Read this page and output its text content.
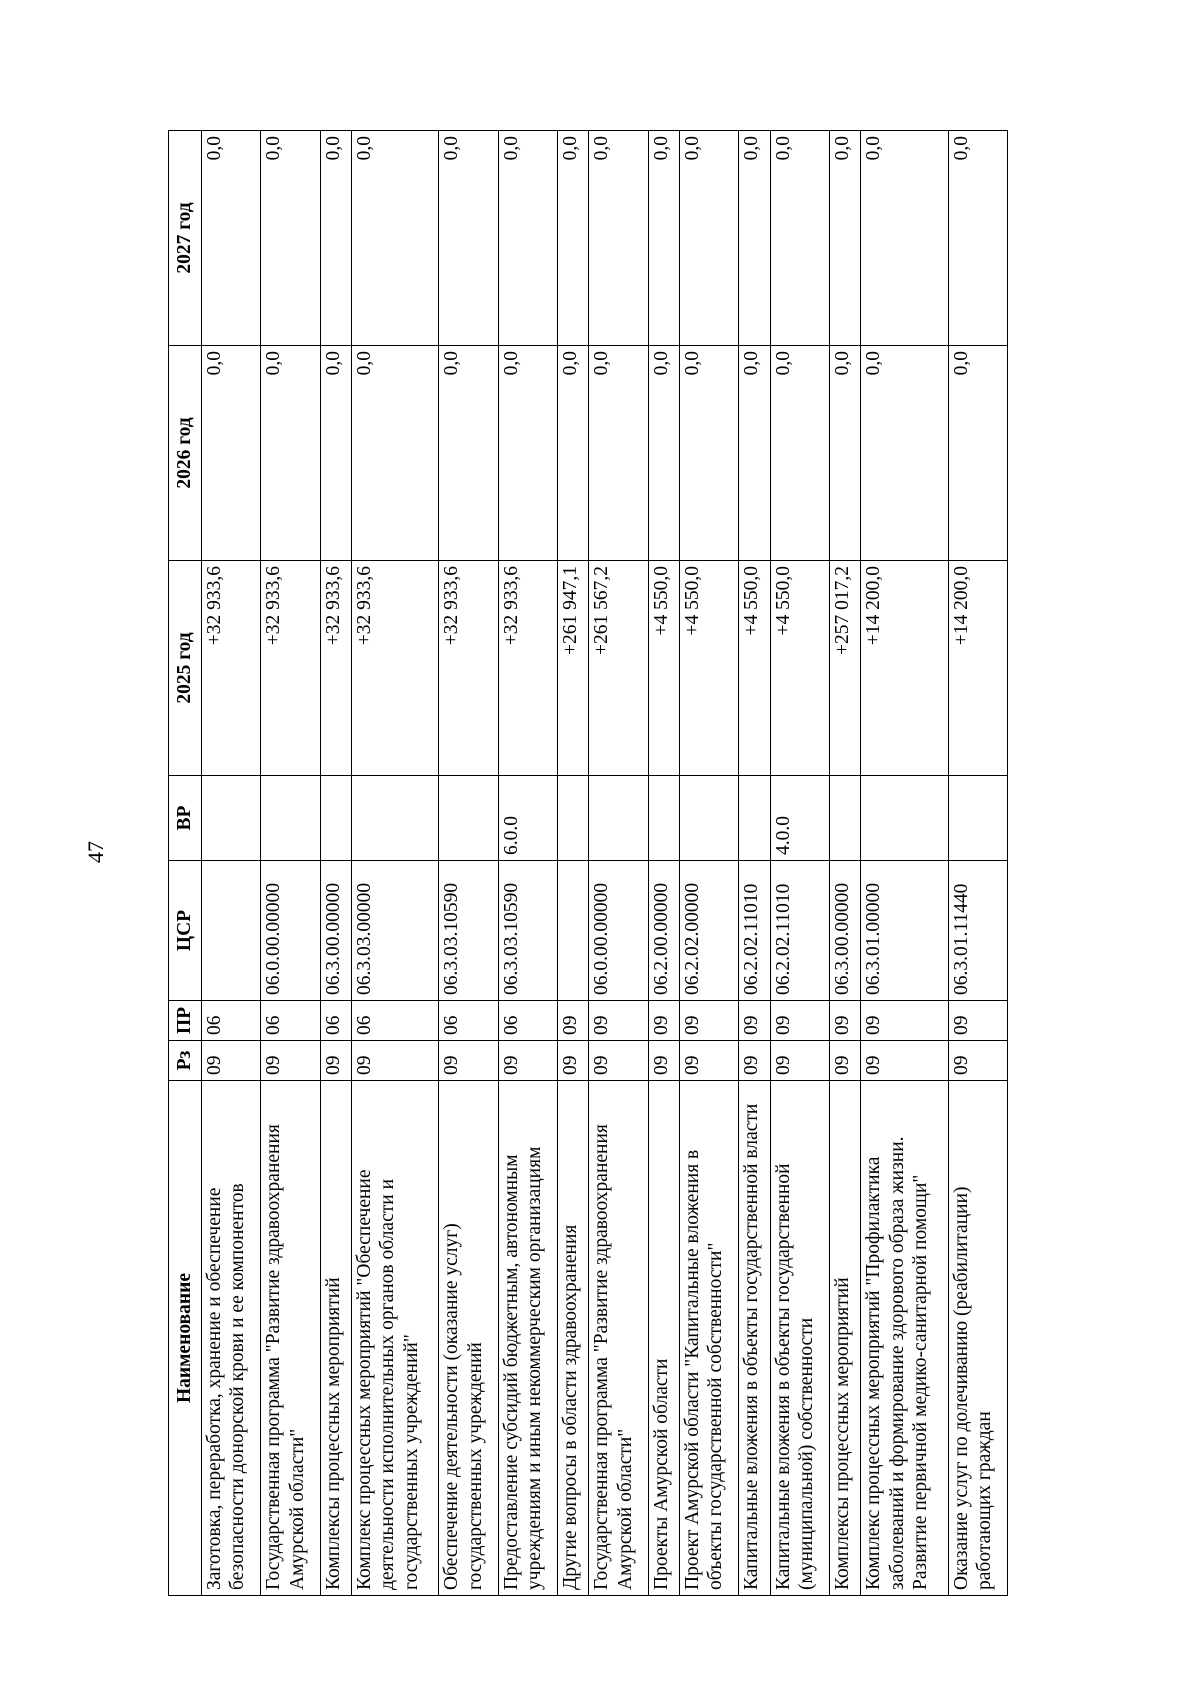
47
Наименование	Рз	ПР	ЦСР	ВР	2025 год	2026 год	2027 год
Заготовка, переработка, хранение и обеспечение безопасности донорской крови и ее компонентов	09	06			+32 933,6	0,0	0,0
Государственная программа "Развитие здравоохранения Амурской области"	09	06	06.0.00.00000		+32 933,6	0,0	0,0
Комплексы процессных мероприятий	09	06	06.3.00.00000		+32 933,6	0,0	0,0
Комплекс процессных мероприятий "Обеспечение деятельности исполнительных органов области и государственных учреждений"	09	06	06.3.03.00000		+32 933,6	0,0	0,0
Обеспечение деятельности (оказание услуг) государственных учреждений	09	06	06.3.03.10590		+32 933,6	0,0	0,0
Предоставление субсидий бюджетным, автономным учреждениям и иным некоммерческим организациям	09	06	06.3.03.10590	6.0.0	+32 933,6	0,0	0,0
Другие вопросы в области здравоохранения	09	09			+261 947,1	0,0	0,0
Государственная программа "Развитие здравоохранения Амурской области"	09	09	06.0.00.00000		+261 567,2	0,0	0,0
Проекты Амурской области	09	09	06.2.00.00000		+4 550,0	0,0	0,0
Проект Амурской области "Капитальные вложения в объекты государственной собственности"	09	09	06.2.02.00000		+4 550,0	0,0	0,0
Капитальные вложения в объекты государственной власти	09	09	06.2.02.11010		+4 550,0	0,0	0,0
Капитальные вложения в объекты государственной (муниципальной) собственности	09	09	06.2.02.11010	4.0.0	+4 550,0	0,0	0,0
Комплексы процессных мероприятий	09	09	06.3.00.00000		+257 017,2	0,0	0,0
Комплекс процессных мероприятий "Профилактика заболеваний и формирование здорового образа жизни. Развитие первичной медико-санитарной помощи"	09	09	06.3.01.00000		+14 200,0	0,0	0,0
Оказание услуг по долечиванию (реабилитации) работающих граждан	09	09	06.3.01.11440		+14 200,0	0,0	0,0
